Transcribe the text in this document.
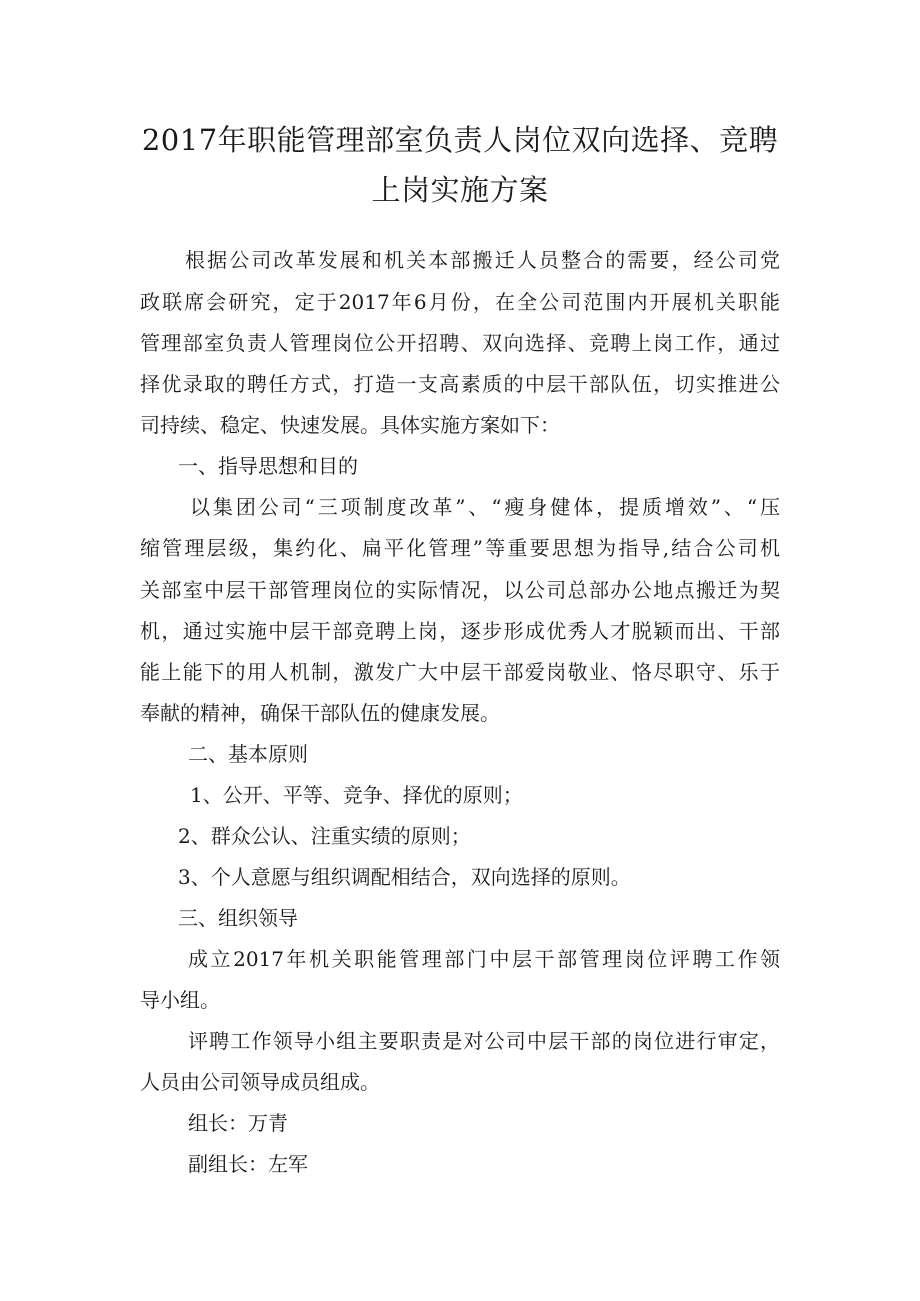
2017年职能管理部室负责人岗位双向选择、竞聘
上岗实施方案

根据公司改革发展和机关本部搬迁人员整合的需要，经公司党

政联席会研究，定于2017年6月份，在全公司范围内开展机关职能

管理部室负责人管理岗位公开招聘、双向选择、竞聘上岗工作，通过

择优录取的聘任方式，打造一支高素质的中层干部队伍，切实推进公

司持续、稳定、快速发展。具体实施方案如下：

一、指导思想和目的

以集团公司“三项制度改革”、“瘦身健体，提质增效”、“压

缩管理层级，集约化、扁平化管理”等重要思想为指导,结合公司机

关部室中层干部管理岗位的实际情况，以公司总部办公地点搬迁为契

机，通过实施中层干部竞聘上岗，逐步形成优秀人才脱颖而出、干部

能上能下的用人机制，激发广大中层干部爱岗敬业、恪尽职守、乐于

奉献的精神，确保干部队伍的健康发展。

二、基本原则

1、公开、平等、竞争、择优的原则；

2、群众公认、注重实绩的原则；

3、个人意愿与组织调配相结合，双向选择的原则。

三、组织领导

成立2017年机关职能管理部门中层干部管理岗位评聘工作领

导小组。

评聘工作领导小组主要职责是对公司中层干部的岗位进行审定，

人员由公司领导成员组成。

组长：万青

副组长：左军
